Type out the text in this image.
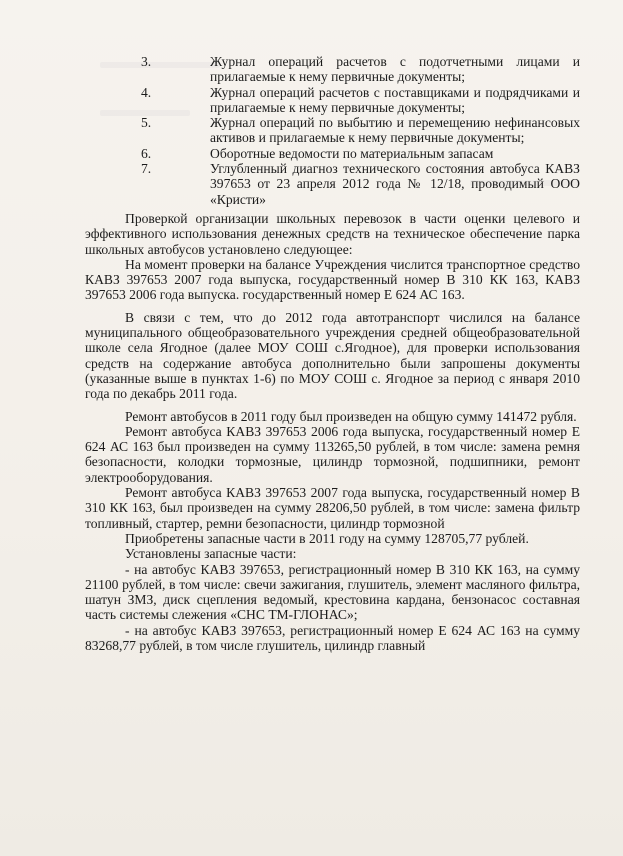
3.	Журнал операций расчетов с подотчетными лицами и прилагаемые к нему первичные документы;
4.	Журнал операций расчетов с поставщиками и подрядчиками и прилагаемые к нему первичные документы;
5.	Журнал операций по выбытию и перемещению нефинансовых активов и прилагаемые к нему первичные документы;
6.	Оборотные ведомости по материальным запасам
7.	Углубленный диагноз технического состояния автобуса КАВЗ 397653 от 23 апреля 2012 года № 12/18, проводимый ООО «Кристи»

Проверкой организации школьных перевозок в части оценки целевого и эффективного использования денежных средств на техническое обеспечение парка школьных автобусов установлено следующее:

На момент проверки на балансе Учреждения числится транспортное средство КАВЗ 397653 2007 года выпуска, государственный номер В 310 КК 163, КАВЗ 397653 2006 года выпуска. государственный номер Е 624 АС 163.

В связи с тем, что до 2012 года автотранспорт числился на балансе муниципального общеобразовательного учреждения средней общеобразовательной школе села Ягодное (далее МОУ СОШ с.Ягодное), для проверки использования средств на содержание автобуса дополнительно были запрошены документы (указанные выше в пунктах 1-6) по МОУ СОШ с. Ягодное за период с января 2010 года по декабрь 2011 года.

Ремонт автобусов в 2011 году был произведен на общую сумму 141472 рубля.

Ремонт автобуса КАВЗ 397653 2006 года выпуска, государственный номер Е 624 АС 163 был произведен на сумму 113265,50 рублей, в том числе: замена ремня безопасности, колодки тормозные, цилиндр тормозной, подшипники, ремонт электрооборудования.

Ремонт автобуса КАВЗ 397653 2007 года выпуска, государственный номер В 310 КК 163, был произведен на сумму 28206,50 рублей, в том числе: замена фильтр топливный, стартер, ремни безопасности, цилиндр тормозной

Приобретены запасные части в 2011 году на сумму 128705,77 рублей.

Установлены запасные части:

- на автобус КАВЗ 397653, регистрационный номер В 310 КК 163, на сумму 21100 рублей, в том числе: свечи зажигания, глушитель, элемент масляного фильтра, шатун ЗМЗ, диск сцепления ведомый, крестовина кардана, бензонасос составная часть системы слежения «СНС ТМ-ГЛОНАС»;

- на автобус КАВЗ 397653, регистрационный номер Е 624 АС 163 на сумму 83268,77 рублей, в том числе глушитель, цилиндр главный
